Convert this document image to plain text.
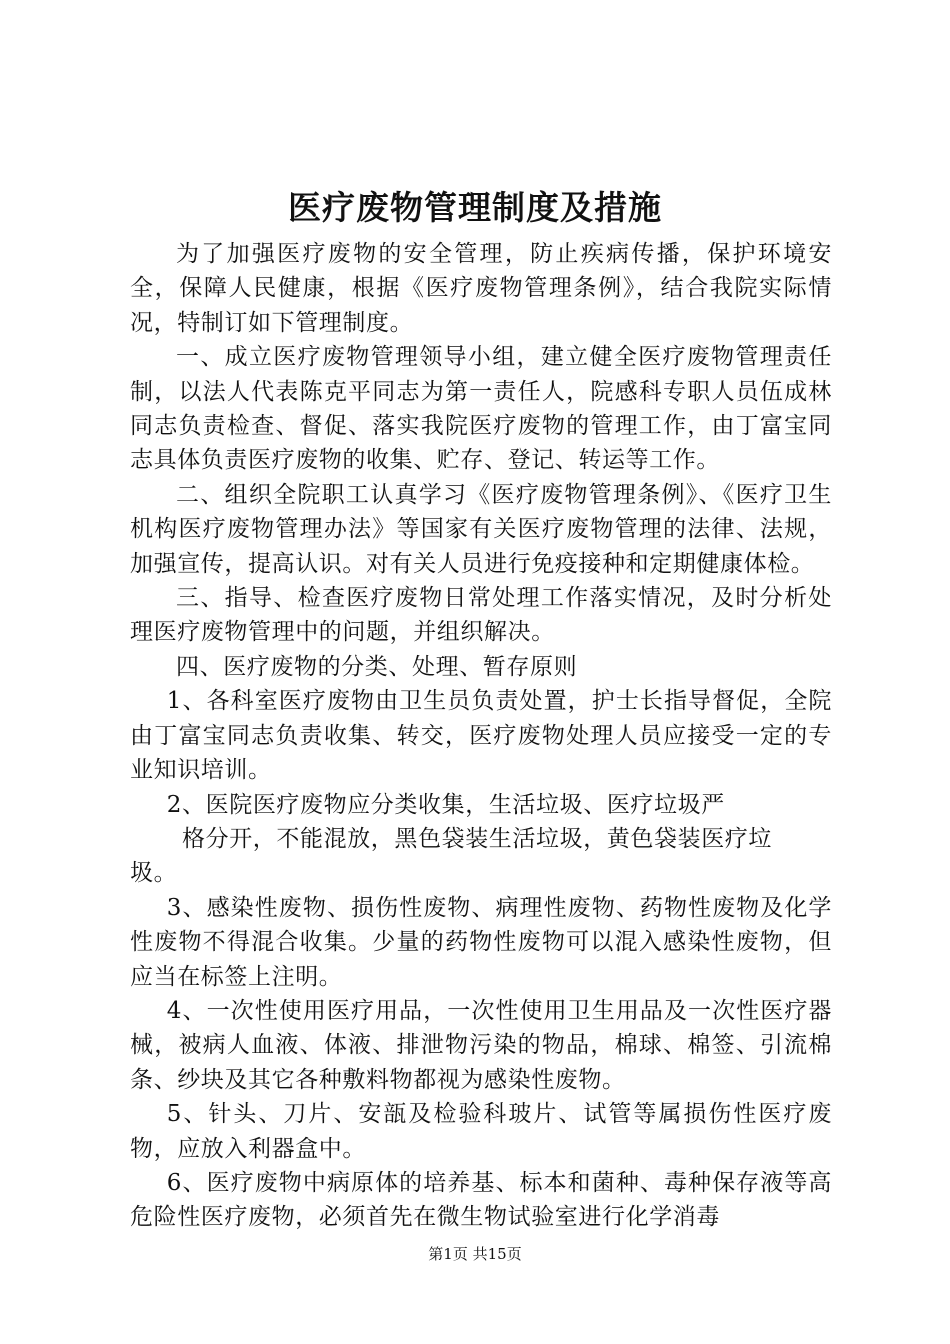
医疗废物管理制度及措施

为了加强医疗废物的安全管理，防止疾病传播，保护环境安全，保障人民健康，根据《医疗废物管理条例》，结合我院实际情况，特制订如下管理制度。

一、成立医疗废物管理领导小组，建立健全医疗废物管理责任制，以法人代表陈克平同志为第一责任人，院感科专职人员伍成林同志负责检查、督促、落实我院医疗废物的管理工作，由丁富宝同志具体负责医疗废物的收集、贮存、登记、转运等工作。

二、组织全院职工认真学习《医疗废物管理条例》、《医疗卫生机构医疗废物管理办法》等国家有关医疗废物管理的法律、法规，加强宣传，提高认识。对有关人员进行免疫接种和定期健康体检。

三、指导、检查医疗废物日常处理工作落实情况，及时分析处理医疗废物管理中的问题，并组织解决。

四、医疗废物的分类、处理、暂存原则

1、各科室医疗废物由卫生员负责处置，护士长指导督促，全院由丁富宝同志负责收集、转交，医疗废物处理人员应接受一定的专业知识培训。

2、医院医疗废物应分类收集，生活垃圾、医疗垃圾严

格分开，不能混放，黑色袋装生活垃圾，黄色袋装医疗垃

圾。

3、感染性废物、损伤性废物、病理性废物、药物性废物及化学性废物不得混合收集。少量的药物性废物可以混入感染性废物，但应当在标签上注明。

4、一次性使用医疗用品，一次性使用卫生用品及一次性医疗器械，被病人血液、体液、排泄物污染的物品，棉球、棉签、引流棉条、纱块及其它各种敷料物都视为感染性废物。

5、针头、刀片、安瓿及检验科玻片、试管等属损伤性医疗废物，应放入利器盒中。

6、医疗废物中病原体的培养基、标本和菌种、毒种保存液等高危险性医疗废物，必须首先在微生物试验室进行化学消毒

第1页 共15页
